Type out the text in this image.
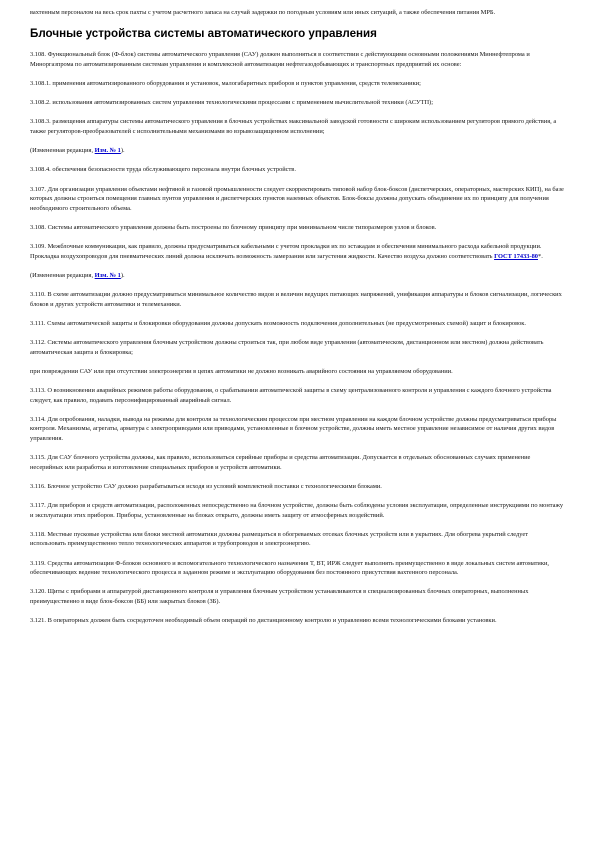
вахтенным персоналом на весь срок пахты с учетом расчетного запаса на случай задержки по погодным условиям или иных ситуаций, а также обеспечения питания МРБ.

Блочные устройства системы автоматического управления

3.108. Функциональный блок (Ф-блок) системы автоматического управления (САУ) должен выполняться в соответствии с действующими основными положениями Миннефтепрома и Миноргазпрома по автоматизированным системам управления и комплексной автоматизации нефтегазодобывающих и транспортных предприятий их основе:

3.108.1. применения автоматизированного оборудования и установок, малогабаритных приборов и пунктов управления, средств телемеханики;

3.108.2. использования автоматизированных систем управления технологическими процессами с применением вычислительной техники (АСУТП);

3.108.3. размещения аппаратуры системы автоматического управления в блочных устройствах максимальной заводской готовности с широким использованием регуляторов прямого действия, а также регуляторов-преобразователей с исполнительными механизмами во взрывозащищенном исполнении;

(Измененная редакция, Изм. № 1).

3.108.4. обеспечения безопасности труда обслуживающего персонала внутри блочных устройств.

3.107. Для организации управления объектами нефтяной и газовой промышленности следует скорректировать типовой набор блок-боксов (диспетчерских, операторных, мастерских КИП), на базе которых должны строиться помещения главных пунтов управления и диспетчерских пунктов наземных объектов. Блок-боксы должны допускать объединение их по принципу для получения необходимого строительного объема.

3.108. Системы автоматического управления должны быть построены по блочному принципу при минимальном числе типоразмеров узлов и блоков.

3.109. Межблочные коммуникации, как правило, должны предусматриваться кабельными с учетом прокладки их по эстакадам и обеспечения минимального расхода кабельной продукции. Прокладка воздухопроводов для пневматических линий должна исключать возможность замерзания или загустения жидкости. Качество воздуха должно соответствовать ГОСТ 17433-80*.

(Измененная редакция, Изм. № 1).

3.110. В схеме автоматизации должно предусматриваться минимальное количество видов и величин ведущих питающих напряжений, унификация аппаратуры и блоков сигнализации, логических блоков и других устройств автоматики и телемеханики.

3.111. Схемы автоматической защиты и блокировки оборудования должны допускать возможность подключения дополнительных (не предусмотренных схемой) защит и блокировок.

3.112. Системы автоматического управления блочным устройством должны строиться так, при любом виде управления (автоматическом, дистанционном или местном) должна действовать автоматическая защита и блокировка;

при повреждении САУ или при отсутствии электроэнергии в цепях автоматики не должно возникать аварийного состояния на управляемом оборудовании.

3.113. О возникновении аварийных режимов работы оборудования, о срабатывании автоматической защиты в схему централизованного контроля и управления с каждого блочного устройства следует, как правило, подавать персонифицированный аварийный сигнал.

3.114. Для опробования, наладки, вывода на режимы для контроля за технологическим процессом при местном управлении на каждом блочном устройстве должны предусматриваться приборы контроля. Механизмы, агрегаты, арматура с электроприводами или приводами, установленные в блочном устройстве, должны иметь местное управление независимое от наличия других видов управления.

3.115. Для САУ блочного устройства должны, как правило, использоваться серийные приборы и средства автоматизации. Допускается в отдельных обоснованных случаях применение несерийных или разработка и изготовление специальных приборов и устройств автоматики.

3.116. Блочное устройство САУ должно разрабатываться исходя из условий комплектной поставки с технологическими блоками.

3.117. Для приборов и средств автоматизации, расположенных непосредственно на блочном устройстве, должны быть соблюдены условия эксплуатации, определенные инструкциями по монтажу и эксплуатации этих приборов. Приборы, установленные на блоках открыто, должны иметь защиту от атмосферных воздействий.

3.118. Местные пусковые устройства или блоки местной автоматики должны размещаться в обогреваемых отсеках блочных устройств или в укрытиях. Для обогрева укрытий следует использовать преимущественно тепло технологических аппаратов и трубопроводов и электроэнергию.

3.119. Средства автоматизации Ф-блоков основного и вспомогательного технологического назначения Т, ВТ, ИРЖ следует выполнять преимущественно в виде локальных систем автоматики, обеспечивающих ведение технологического процесса в заданном режиме и эксплуатацию оборудования без постоянного присутствия вахтенного персонала.

3.120. Щиты с приборами и аппаратурой дистанционного контроля и управления блочным устройством устанавливаются в специализированных блочных операторных, выполненных преимущественно в виде блок-боксов (ББ) или закрытых блоков (ЗБ).

3.121. В операторных должен быть сосредоточен необходимый объем операций по дистанционному контролю и управлению всеми технологическими блоками установки.
